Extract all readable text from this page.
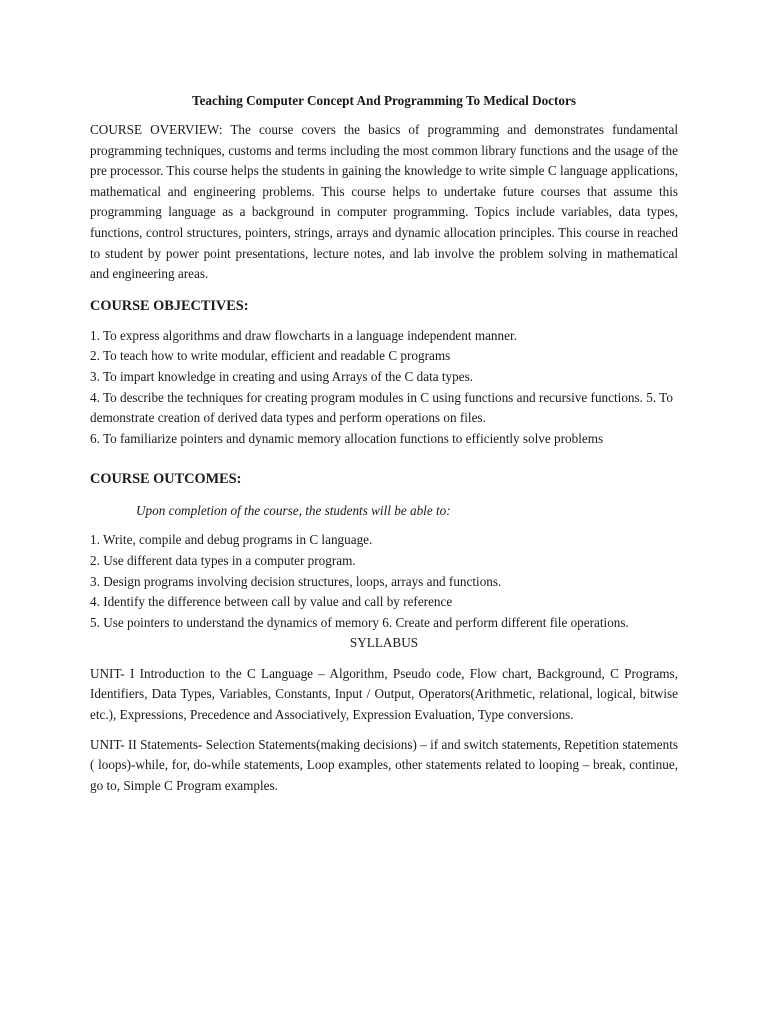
Teaching Computer Concept And Programming To Medical Doctors

COURSE OVERVIEW: The course covers the basics of programming and demonstrates fundamental programming techniques, customs and terms including the most common library functions and the usage of the pre processor. This course helps the students in gaining the knowledge to write simple C language applications, mathematical and engineering problems. This course helps to undertake future courses that assume this programming language as a background in computer programming. Topics include variables, data types, functions, control structures, pointers, strings, arrays and dynamic allocation principles. This course in reached to student by power point presentations, lecture notes, and lab involve the problem solving in mathematical and engineering areas.

COURSE OBJECTIVES:

1. To express algorithms and draw flowcharts in a language independent manner.
2. To teach how to write modular, efficient and readable C programs
3. To impart knowledge in creating and using Arrays of the C data types.
4. To describe the techniques for creating program modules in C using functions and recursive functions. 5. To demonstrate creation of derived data types and perform operations on files.
6. To familiarize pointers and dynamic memory allocation functions to efficiently solve problems

COURSE OUTCOMES:

Upon completion of the course, the students will be able to:

1. Write, compile and debug programs in C language.
2. Use different data types in a computer program.
3. Design programs involving decision structures, loops, arrays and functions.
4. Identify the difference between call by value and call by reference
5. Use pointers to understand the dynamics of memory 6. Create and perform different file operations.

SYLLABUS

UNIT- I Introduction to the C Language – Algorithm, Pseudo code, Flow chart, Background, C Programs, Identifiers, Data Types, Variables, Constants, Input / Output, Operators(Arithmetic, relational, logical, bitwise etc.), Expressions, Precedence and Associatively, Expression Evaluation, Type conversions.

UNIT- II Statements- Selection Statements(making decisions) – if and switch statements, Repetition statements ( loops)-while, for, do-while statements, Loop examples, other statements related to looping – break, continue, go to, Simple C Program examples.
